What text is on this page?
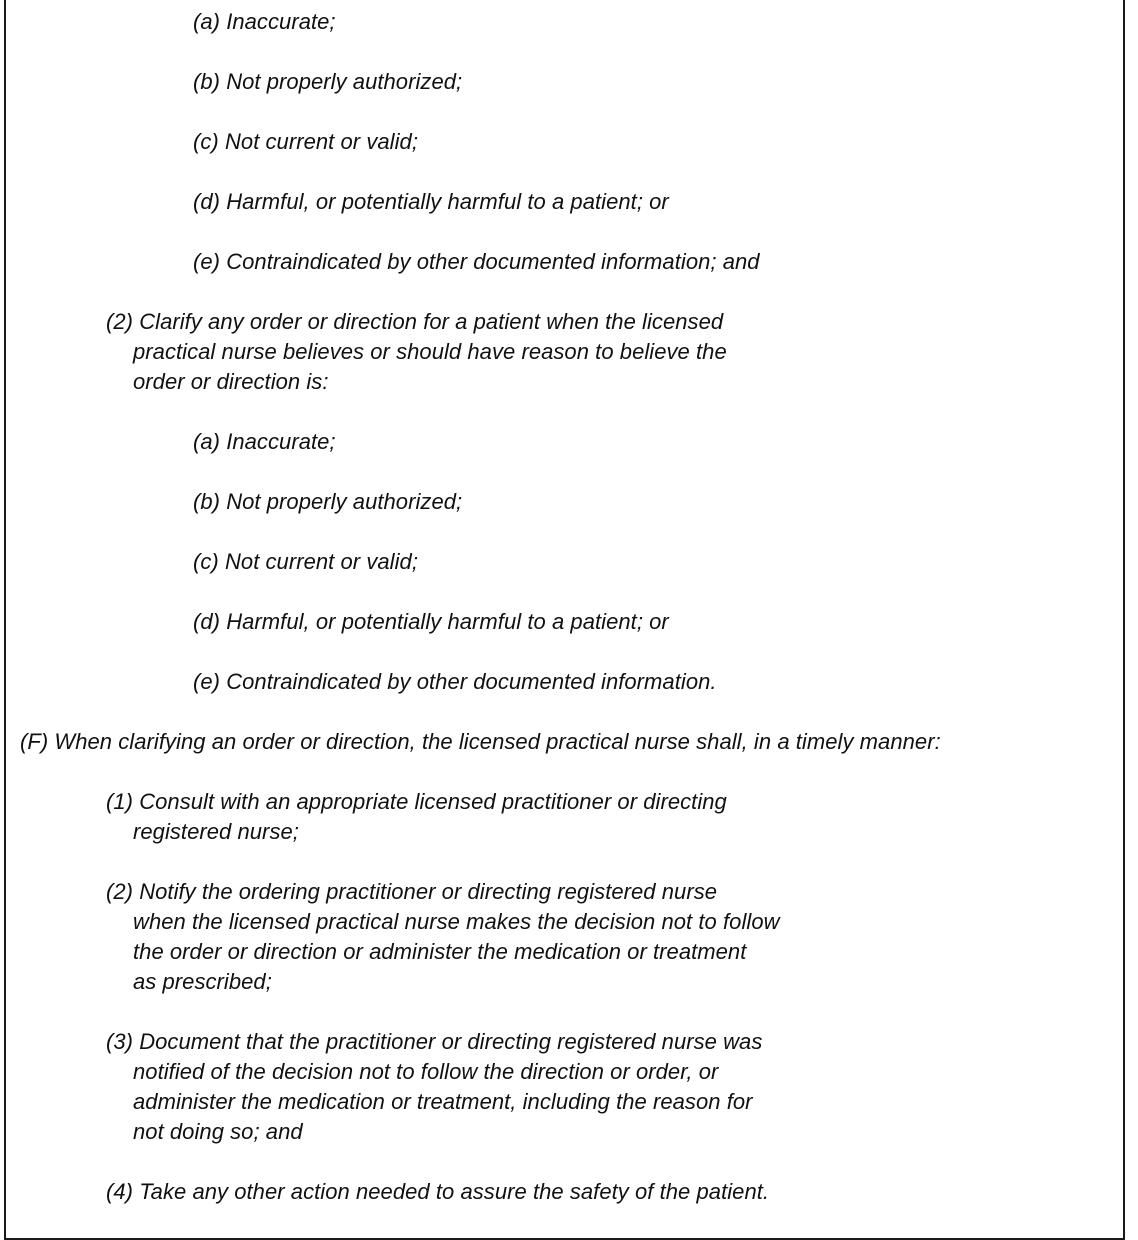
(a) Inaccurate;

(b) Not properly authorized;

(c) Not current or valid;

(d) Harmful, or potentially harmful to a patient; or

(e) Contraindicated by other documented information; and

(2) Clarify any order or direction for a patient when the licensed

practical nurse believes or should have reason to believe the

order or direction is:

(a) Inaccurate;

(b) Not properly authorized;

(c) Not current or valid;

(d) Harmful, or potentially harmful to a patient; or

(e) Contraindicated by other documented information.

(F) When clarifying an order or direction, the licensed practical nurse shall, in a timely manner:

(1) Consult with an appropriate licensed practitioner or directing

registered nurse;

(2) Notify the ordering practitioner or directing registered nurse

when the licensed practical nurse makes the decision not to follow

the order or direction or administer the medication or treatment

as prescribed;

(3) Document that the practitioner or directing registered nurse was

notified of the decision not to follow the direction or order, or

administer the medication or treatment, including the reason for

not doing so; and

(4) Take any other action needed to assure the safety of the patient.
